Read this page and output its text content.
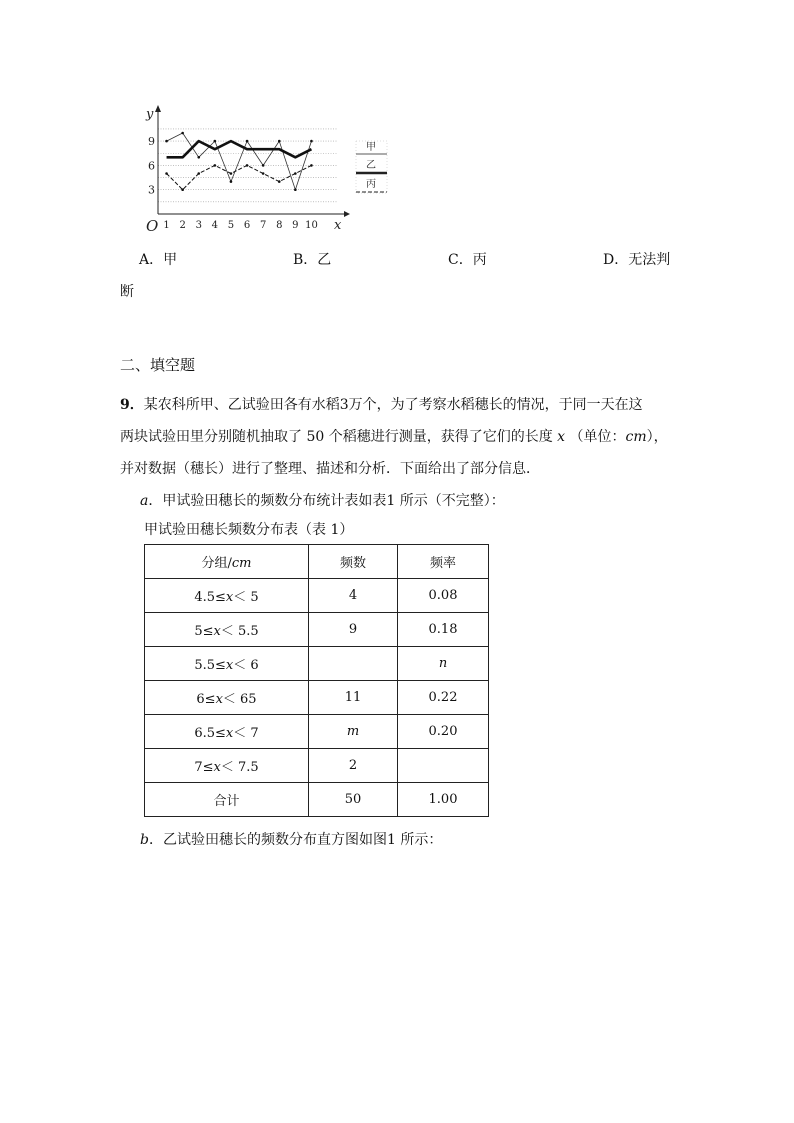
y
x
O
3
6
9
1 2 3 4 5 6 7 8 9 10
甲
乙
丙
A．甲	B．乙	C．丙	D．无法判
断
二、填空题
9．某农科所甲、乙试验田各有水稻3万个，为了考察水稻穗长的情况，于同一天在这
两块试验田里分别随机抽取了 50 个稻穗进行测量，获得了它们的长度 x （单位：cm），
并对数据（穗长）进行了整理、描述和分析．下面给出了部分信息．
a．甲试验田穗长的频数分布统计表如表1 所示（不完整）：
甲试验田穗长频数分布表（表 1）
分组/cm	频数	频率
4.5≤x＜ 5	4	0.08
5≤x＜ 5.5	9	0.18
5.5≤x＜ 6		n
6≤x＜ 65	11	0.22
6.5≤x＜ 7	m	0.20
7≤x＜ 7.5	2	
合计	50	1.00
b．乙试验田穗长的频数分布直方图如图1 所示：
